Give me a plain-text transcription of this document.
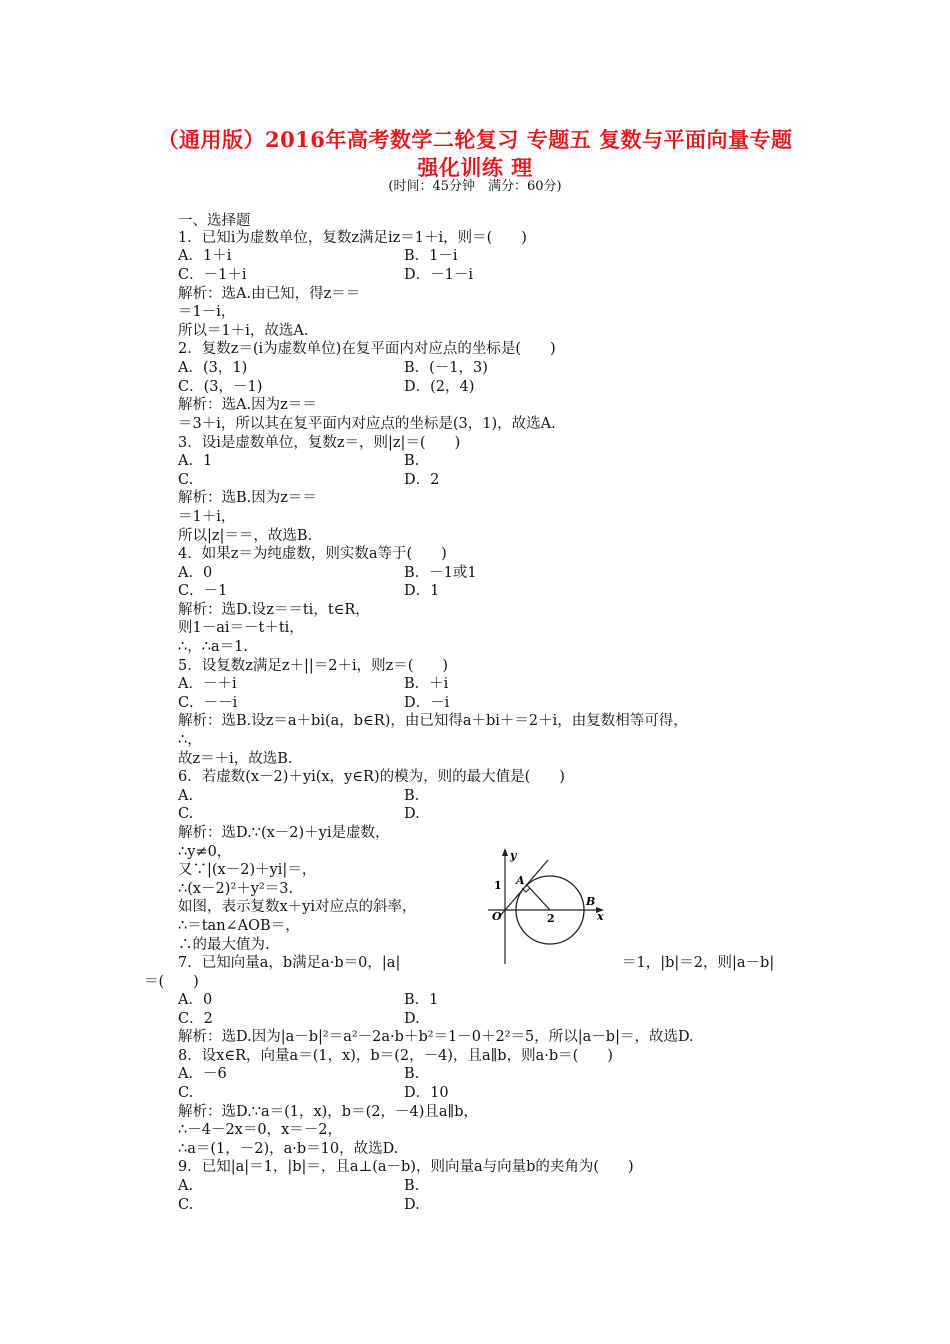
（通用版）2016年高考数学二轮复习 专题五 复数与平面向量专题
强化训练 理
(时间：45分钟　满分：60分)
一、选择题
1．已知i为虚数单位，复数z满足iz＝1＋i，则＝(　　)
A．1＋i	B．1－i
C．－1＋i	D．－1－i
解析：选A.由已知，得z＝＝
＝1－i，
所以＝1＋i，故选A.
2．复数z＝(i为虚数单位)在复平面内对应点的坐标是(　　)
A．(3，1)	B．(－1，3)
C．(3，－1)	D．(2，4)
解析：选A.因为z＝＝
＝3＋i，所以其在复平面内对应点的坐标是(3，1)，故选A.
3．设i是虚数单位，复数z＝，则|z|＝(　　)
A．1	B.
C.	D．2
解析：选B.因为z＝＝
＝1＋i，
所以|z|＝＝，故选B.
4．如果z＝为纯虚数，则实数a等于(　　)
A．0	B．－1或1
C．－1	D．1
解析：选D.设z＝＝ti，t∈R，
则1－ai＝－t＋ti，
∴，∴a＝1.
5．设复数z满足z＋||＝2＋i，则z＝(　　)
A．－＋i	B．＋i
C．－－i	D．－i
解析：选B.设z＝a＋bi(a，b∈R)，由已知得a＋bi＋＝2＋i，由复数相等可得，
∴，
故z＝＋i，故选B.
6．若虚数(x－2)＋yi(x，y∈R)的模为，则的最大值是(　　)
A.	B.
C.	D.
解析：选D.∵(x－2)＋yi是虚数，
∴y≠0，
又∵|(x－2)＋yi|＝，
∴(x－2)²＋y²＝3.
如图，表示复数x＋yi对应点的斜率，
∴＝tan∠AOB＝，
∴的最大值为.
7．已知向量a，b满足a·b＝0，|a|	＝1，|b|＝2，则|a－b|
＝(　　)
A．0	B．1
C．2	D.
解析：选D.因为|a－b|²＝a²－2a·b＋b²＝1－0＋2²＝5，所以|a－b|＝，故选D.
8．设x∈R，向量a＝(1，x)，b＝(2，－4)，且a∥b，则a·b＝(　　)
A．－6	B.
C.	D．10
解析：选D.∵a＝(1，x)，b＝(2，－4)且a∥b，
∴－4－2x＝0，x＝－2，
∴a＝(1，－2)，a·b＝10，故选D.
9．已知|a|＝1，|b|＝，且a⊥(a－b)，则向量a与向量b的夹角为(　　)
A.	B.
C.	D.
y
x
O
A
B
1
2
